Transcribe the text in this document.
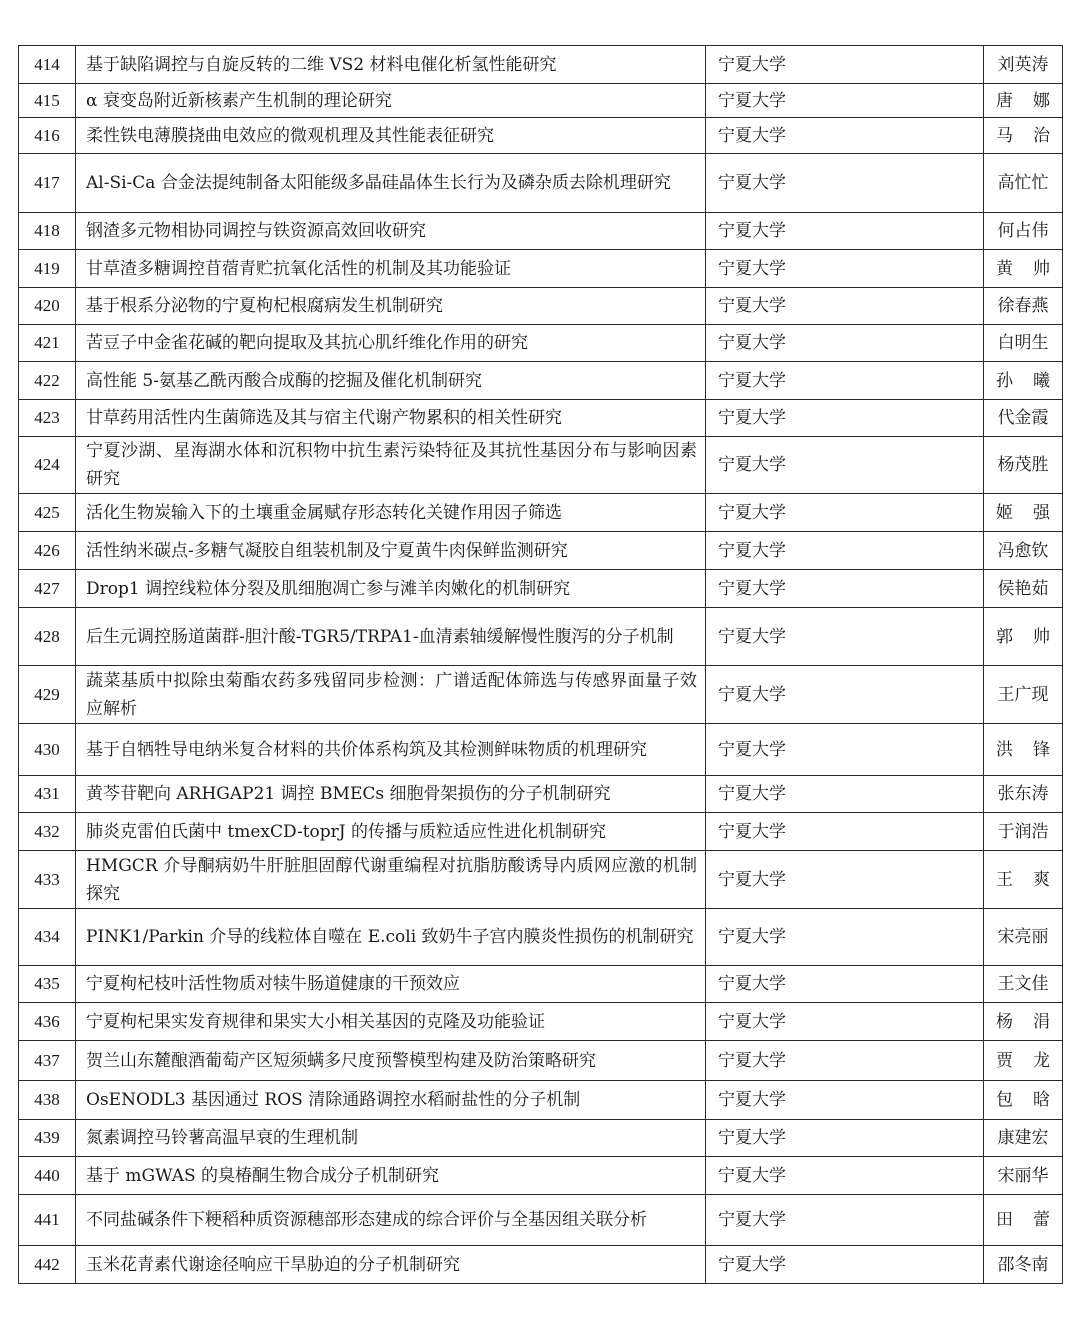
414	基于缺陷调控与自旋反转的二维 VS2 材料电催化析氢性能研究	宁夏大学	刘英涛
415	α 衰变岛附近新核素产生机制的理论研究	宁夏大学	唐 娜
416	柔性铁电薄膜挠曲电效应的微观机理及其性能表征研究	宁夏大学	马 治
417	Al-Si-Ca 合金法提纯制备太阳能级多晶硅晶体生长行为及磷杂质去除机理研究	宁夏大学	高忙忙
418	钢渣多元物相协同调控与铁资源高效回收研究	宁夏大学	何占伟
419	甘草渣多糖调控苜蓿青贮抗氧化活性的机制及其功能验证	宁夏大学	黄 帅
420	基于根系分泌物的宁夏枸杞根腐病发生机制研究	宁夏大学	徐春燕
421	苦豆子中金雀花碱的靶向提取及其抗心肌纤维化作用的研究	宁夏大学	白明生
422	高性能 5-氨基乙酰丙酸合成酶的挖掘及催化机制研究	宁夏大学	孙 曦
423	甘草药用活性内生菌筛选及其与宿主代谢产物累积的相关性研究	宁夏大学	代金霞
424	宁夏沙湖、星海湖水体和沉积物中抗生素污染特征及其抗性基因分布与影响因素研究	宁夏大学	杨茂胜
425	活化生物炭输入下的土壤重金属赋存形态转化关键作用因子筛选	宁夏大学	姬 强
426	活性纳米碳点-多糖气凝胶自组装机制及宁夏黄牛肉保鲜监测研究	宁夏大学	冯愈钦
427	Drop1 调控线粒体分裂及肌细胞凋亡参与滩羊肉嫩化的机制研究	宁夏大学	侯艳茹
428	后生元调控肠道菌群-胆汁酸-TGR5/TRPA1-血清素轴缓解慢性腹泻的分子机制	宁夏大学	郭 帅
429	蔬菜基质中拟除虫菊酯农药多残留同步检测：广谱适配体筛选与传感界面量子效应解析	宁夏大学	王广现
430	基于自牺牲导电纳米复合材料的共价体系构筑及其检测鲜味物质的机理研究	宁夏大学	洪 锋
431	黄芩苷靶向 ARHGAP21 调控 BMECs 细胞骨架损伤的分子机制研究	宁夏大学	张东涛
432	肺炎克雷伯氏菌中 tmexCD-toprJ 的传播与质粒适应性进化机制研究	宁夏大学	于润浩
433	HMGCR 介导酮病奶牛肝脏胆固醇代谢重编程对抗脂肪酸诱导内质网应激的机制探究	宁夏大学	王 爽
434	PINK1/Parkin 介导的线粒体自噬在 E.coli 致奶牛子宫内膜炎性损伤的机制研究	宁夏大学	宋亮丽
435	宁夏枸杞枝叶活性物质对犊牛肠道健康的干预效应	宁夏大学	王文佳
436	宁夏枸杞果实发育规律和果实大小相关基因的克隆及功能验证	宁夏大学	杨 涓
437	贺兰山东麓酿酒葡萄产区短须螨多尺度预警模型构建及防治策略研究	宁夏大学	贾 龙
438	OsENODL3 基因通过 ROS 清除通路调控水稻耐盐性的分子机制	宁夏大学	包 晗
439	氮素调控马铃薯高温早衰的生理机制	宁夏大学	康建宏
440	基于 mGWAS 的臭椿酮生物合成分子机制研究	宁夏大学	宋丽华
441	不同盐碱条件下粳稻种质资源穗部形态建成的综合评价与全基因组关联分析	宁夏大学	田 蕾
442	玉米花青素代谢途径响应干旱胁迫的分子机制研究	宁夏大学	邵冬南
